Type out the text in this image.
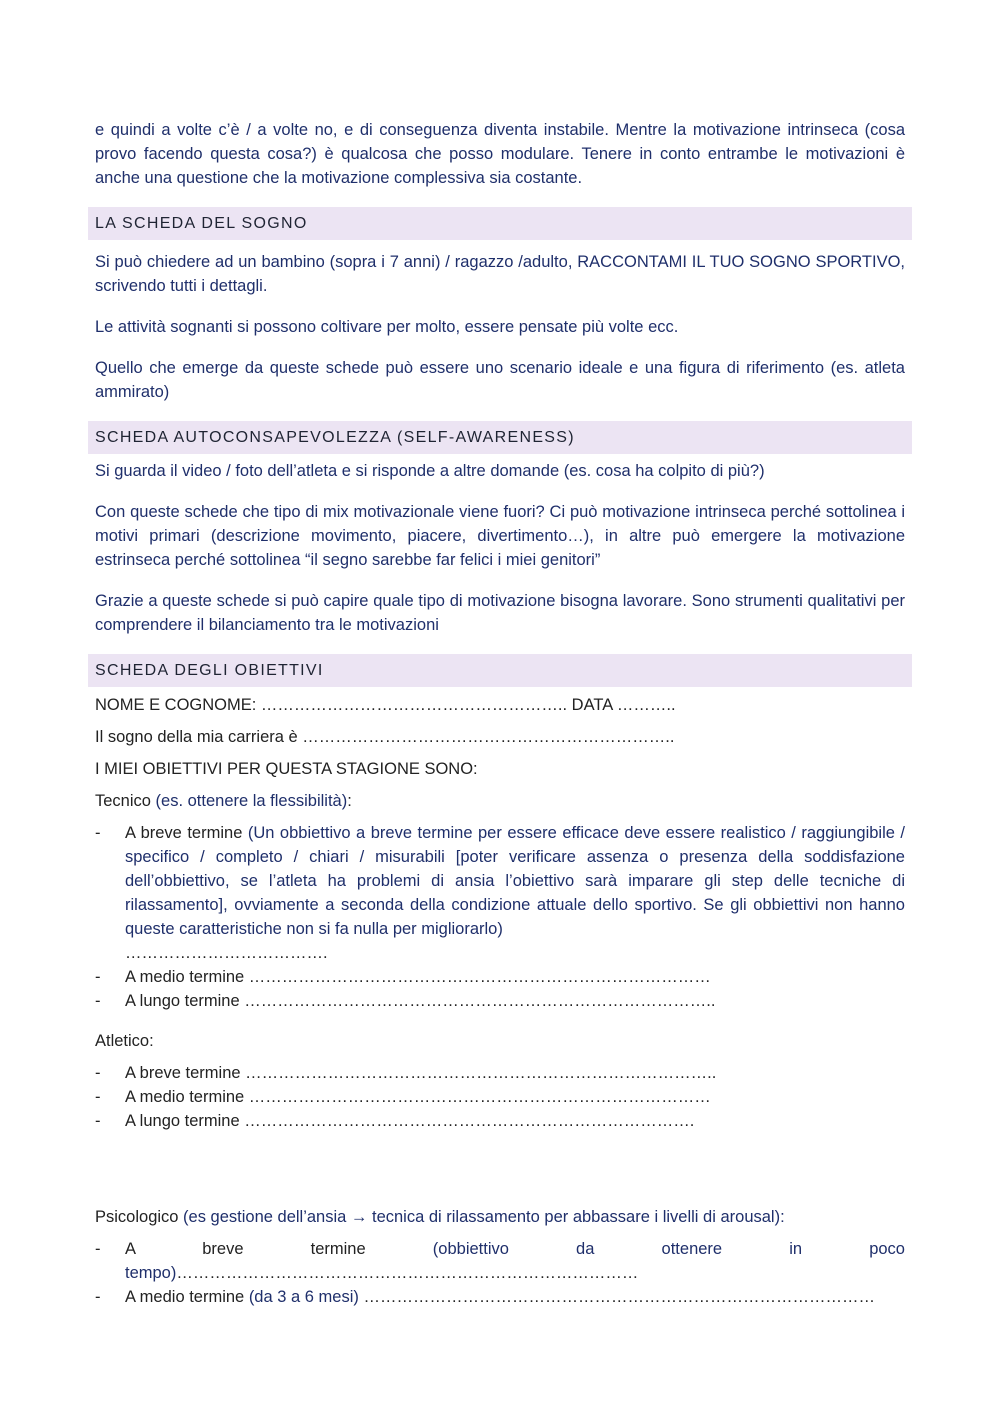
e quindi a volte c’è / a volte no, e di conseguenza diventa instabile. Mentre la motivazione intrinseca (cosa provo facendo questa cosa?) è qualcosa che posso modulare. Tenere in conto entrambe le motivazioni è anche una questione che la motivazione complessiva sia costante.

LA SCHEDA DEL SOGNO

Si può chiedere ad un bambino (sopra i 7 anni) / ragazzo /adulto, RACCONTAMI IL TUO SOGNO SPORTIVO, scrivendo tutti i dettagli.

Le attività sognanti si possono coltivare per molto, essere pensate più volte ecc.

Quello che emerge da queste schede può essere uno scenario ideale e una figura di riferimento (es. atleta ammirato)

SCHEDA AUTOCONSAPEVOLEZZA (SELF-AWARENESS)

Si guarda il video / foto dell’atleta e si risponde a altre domande (es. cosa ha colpito di più?)

Con queste schede che tipo di mix motivazionale viene fuori? Ci può motivazione intrinseca perché sottolinea i motivi primari (descrizione movimento, piacere, divertimento…), in altre può emergere la motivazione estrinseca perché sottolinea “il segno sarebbe far felici i miei genitori”

Grazie a queste schede si può capire quale tipo di motivazione bisogna lavorare. Sono strumenti qualitativi per comprendere il bilanciamento tra le motivazioni

SCHEDA DEGLI OBIETTIVI

NOME E COGNOME: ……………………………………………….. DATA ………..

Il sogno della mia carriera è …………………………………………………………..

I MIEI OBIETTIVI PER QUESTA STAGIONE SONO:

Tecnico (es. ottenere la flessibilità):

- A breve termine (Un obbiettivo a breve termine per essere efficace deve essere realistico / raggiungibile / specifico / completo / chiari / misurabili [poter verificare assenza o presenza della soddisfazione dell’obbiettivo, se l’atleta ha problemi di ansia l’obiettivo sarà imparare gli step delle tecniche di rilassamento], ovviamente a seconda della condizione attuale dello sportivo. Se gli obbiettivi non hanno queste caratteristiche non si fa nulla per migliorarlo)
……………………………….
- A medio termine …………………………………………………………………………
- A lungo termine …………………………………………………………………………..

Atletico:

- A breve termine …………………………………………………………………………..
- A medio termine …………………………………………………………………………
- A lungo termine ……………………………………………………………………….

Psicologico (es gestione dell’ansia → tecnica di rilassamento per abbassare i livelli di arousal):

- A breve termine (obbiettivo da ottenere in poco tempo)…………………………………………………………………………
- A medio termine (da 3 a 6 mesi) …………………………………………………………………………………
